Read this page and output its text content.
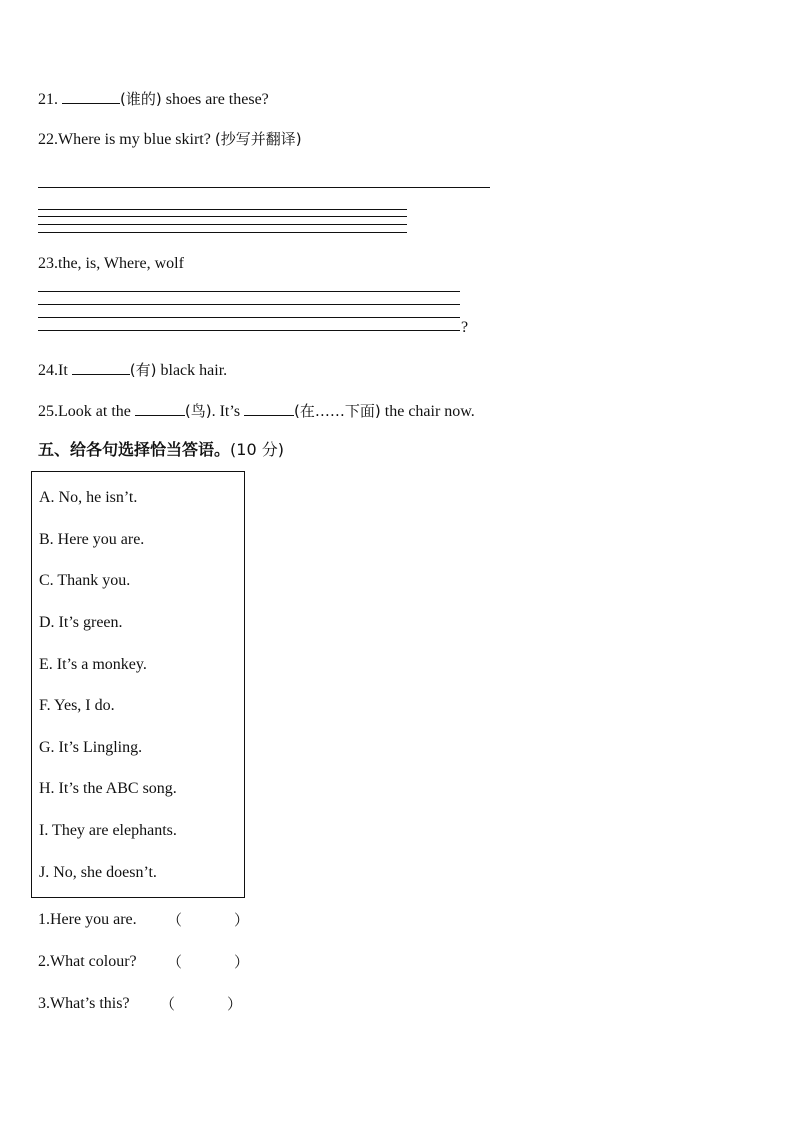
21.	(谁的) shoes are these?
22.Where is my blue skirt? (抄写并翻译)
23.the, is, Where, wolf
?
24.It	(有) black hair.
25.Look at the	(鸟). It’s	(在……下面) the chair now.
五、给各句选择恰当答语。(10 分)
A. No, he isn’t.
B. Here you are.
C. Thank you.
D. It’s green.
E. It’s a monkey.
F. Yes, I do.
G. It’s Lingling.
H. It’s the ABC song.
I. They are elephants.
J. No, she doesn’t.
1.Here you are. （	）
2.What colour? （	）
3.What’s this? （	）
